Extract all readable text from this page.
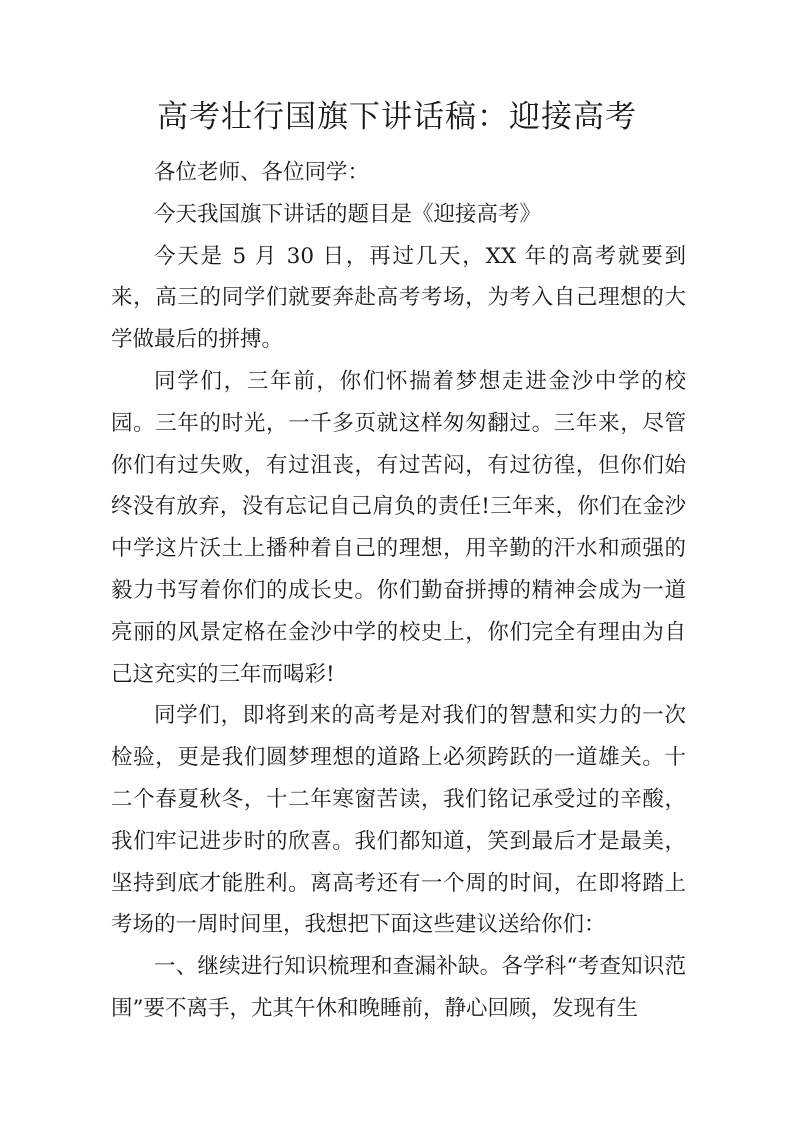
高考壮行国旗下讲话稿：迎接高考

各位老师、各位同学：

今天我国旗下讲话的题目是《迎接高考》

今天是 5 月 30 日，再过几天，XX 年的高考就要到来，高三的同学们就要奔赴高考考场，为考入自己理想的大学做最后的拼搏。

同学们，三年前，你们怀揣着梦想走进金沙中学的校园。三年的时光，一千多页就这样匆匆翻过。三年来，尽管你们有过失败，有过沮丧，有过苦闷，有过彷徨，但你们始终没有放弃，没有忘记自己肩负的责任!三年来，你们在金沙中学这片沃土上播种着自己的理想，用辛勤的汗水和顽强的毅力书写着你们的成长史。你们勤奋拼搏的精神会成为一道亮丽的风景定格在金沙中学的校史上，你们完全有理由为自己这充实的三年而喝彩!

同学们，即将到来的高考是对我们的智慧和实力的一次检验，更是我们圆梦理想的道路上必须跨跃的一道雄关。十二个春夏秋冬，十二年寒窗苦读，我们铭记承受过的辛酸，我们牢记进步时的欣喜。我们都知道，笑到最后才是最美，坚持到底才能胜利。离高考还有一个周的时间，在即将踏上考场的一周时间里，我想把下面这些建议送给你们：

一、继续进行知识梳理和查漏补缺。各学科“考查知识范围”要不离手，尤其午休和晚睡前，静心回顾，发现有生
